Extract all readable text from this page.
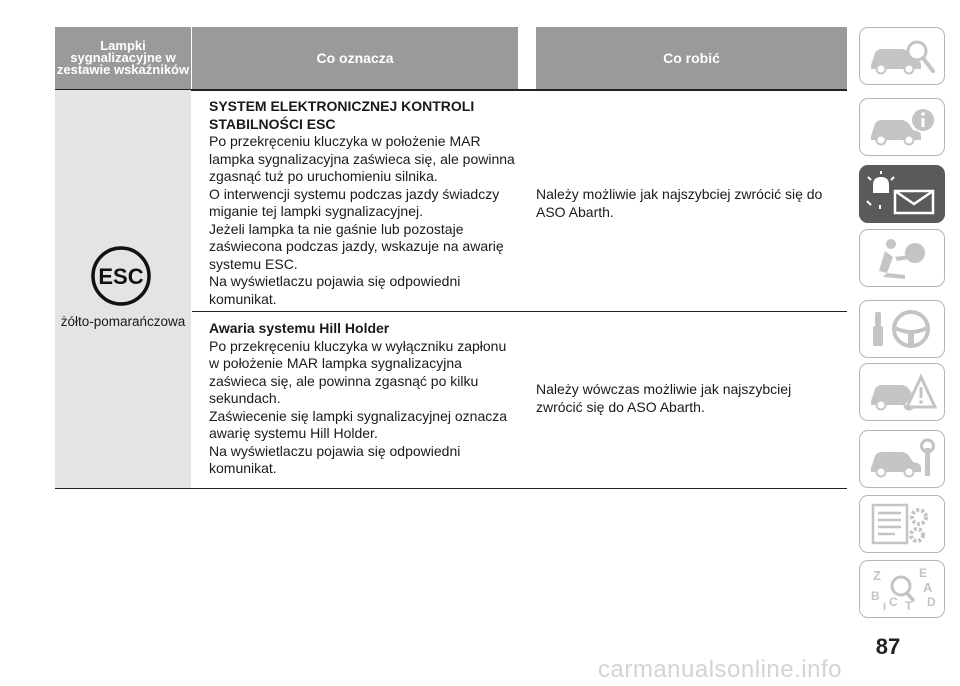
Lampki sygnalizacyjne w zestawie wskaźników
Co oznacza	Co robić
ESC
żółto-pomarańczowa
SYSTEM ELEKTRONICZNEJ KONTROLI STABILNOŚCI ESC

Po przekręceniu kluczyka w położenie MAR lampka sygnalizacyjna zaświeca się, ale powinna zgasnąć tuż po uruchomieniu silnika.

O interwencji systemu podczas jazdy świadczy miganie tej lampki sygnalizacyjnej.

Jeżeli lampka ta nie gaśnie lub pozostaje zaświecona podczas jazdy, wskazuje na awarię systemu ESC.

Na wyświetlaczu pojawia się odpowiedni komunikat.

Należy możliwie jak najszybciej zwrócić się do ASO Abarth.
Awaria systemu Hill Holder

Po przekręceniu kluczyka w wyłączniku zapłonu w położenie MAR lampka sygnalizacyjna zaświeca się, ale powinna zgasnąć po kilku sekundach.

Zaświecenie się lampki sygnalizacyjnej oznacza awarię systemu Hill Holder.

Na wyświetlaczu pojawia się odpowiedni komunikat.

Należy wówczas możliwie jak najszybciej zwrócić się do ASO Abarth.
Z	E
A
B C T D
I
87
carmanualsonline.info
